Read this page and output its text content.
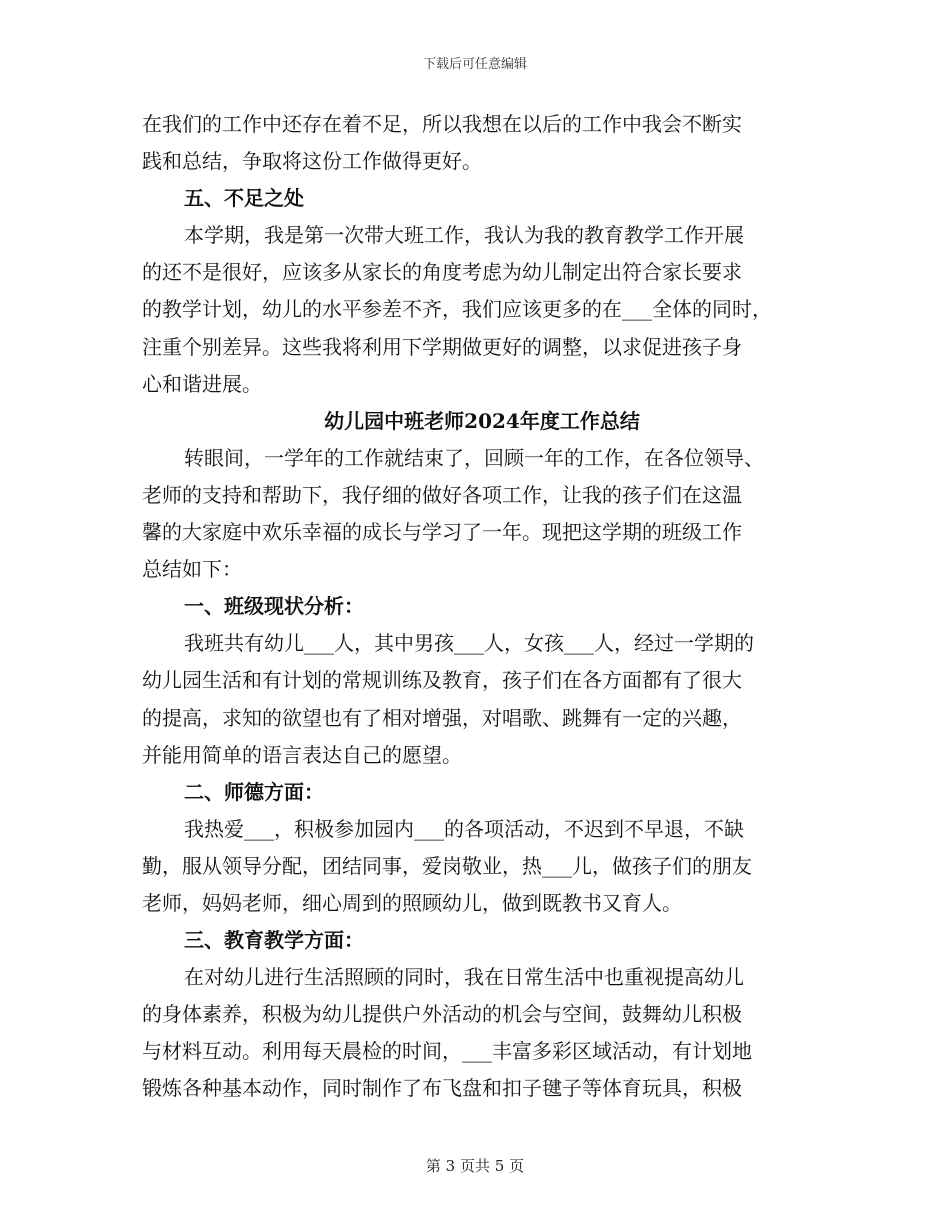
下载后可任意编辑
在我们的工作中还存在着不足，所以我想在以后的工作中我会不断实
践和总结，争取将这份工作做得更好。
五、不足之处
本学期，我是第一次带大班工作，我认为我的教育教学工作开展
的还不是很好，应该多从家长的角度考虑为幼儿制定出符合家长要求
的教学计划，幼儿的水平参差不齐，我们应该更多的在___全体的同时，
注重个别差异。这些我将利用下学期做更好的调整，以求促进孩子身
心和谐进展。
幼儿园中班老师2024年度工作总结
转眼间，一学年的工作就结束了，回顾一年的工作，在各位领导、
老师的支持和帮助下，我仔细的做好各项工作，让我的孩子们在这温
馨的大家庭中欢乐幸福的成长与学习了一年。现把这学期的班级工作
总结如下：
一、班级现状分析：
我班共有幼儿___人，其中男孩___人，女孩___人，经过一学期的
幼儿园生活和有计划的常规训练及教育，孩子们在各方面都有了很大
的提高，求知的欲望也有了相对增强，对唱歌、跳舞有一定的兴趣，
并能用简单的语言表达自己的愿望。
二、师德方面：
我热爱___，积极参加园内___的各项活动，不迟到不早退，不缺
勤，服从领导分配，团结同事，爱岗敬业，热___儿，做孩子们的朋友
老师，妈妈老师，细心周到的照顾幼儿，做到既教书又育人。
三、教育教学方面：
在对幼儿进行生活照顾的同时，我在日常生活中也重视提高幼儿
的身体素养，积极为幼儿提供户外活动的机会与空间，鼓舞幼儿积极
与材料互动。利用每天晨检的时间，___丰富多彩区域活动，有计划地
锻炼各种基本动作，同时制作了布飞盘和扣子毽子等体育玩具，积极
第 3 页共 5 页
